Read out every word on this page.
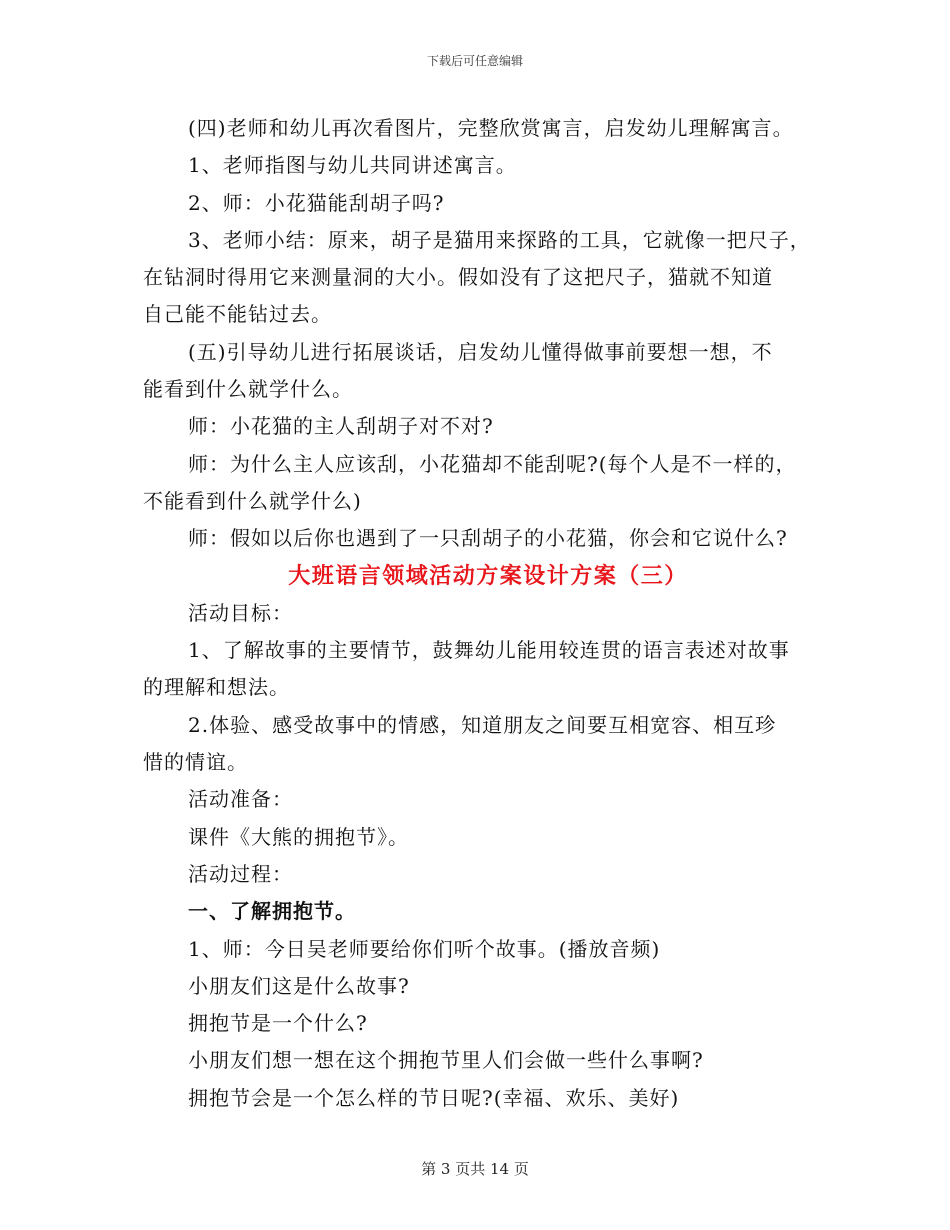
下载后可任意编辑
(四)老师和幼儿再次看图片，完整欣赏寓言，启发幼儿理解寓言。
1、老师指图与幼儿共同讲述寓言。
2、师：小花猫能刮胡子吗?
3、老师小结：原来，胡子是猫用来探路的工具，它就像一把尺子，
在钻洞时得用它来测量洞的大小。假如没有了这把尺子，猫就不知道
自己能不能钻过去。
(五)引导幼儿进行拓展谈话，启发幼儿懂得做事前要想一想，不
能看到什么就学什么。
师：小花猫的主人刮胡子对不对?
师：为什么主人应该刮，小花猫却不能刮呢?(每个人是不一样的，
不能看到什么就学什么)
师：假如以后你也遇到了一只刮胡子的小花猫，你会和它说什么?
大班语言领域活动方案设计方案（三）
活动目标：
1、了解故事的主要情节，鼓舞幼儿能用较连贯的语言表述对故事
的理解和想法。
2.体验、感受故事中的情感，知道朋友之间要互相宽容、相互珍
惜的情谊。
活动准备：
课件《大熊的拥抱节》。
活动过程：
一、了解拥抱节。
1、师：今日吴老师要给你们听个故事。(播放音频)
小朋友们这是什么故事?
拥抱节是一个什么?
小朋友们想一想在这个拥抱节里人们会做一些什么事啊?
拥抱节会是一个怎么样的节日呢?(幸福、欢乐、美好)
第 3 页共 14 页
